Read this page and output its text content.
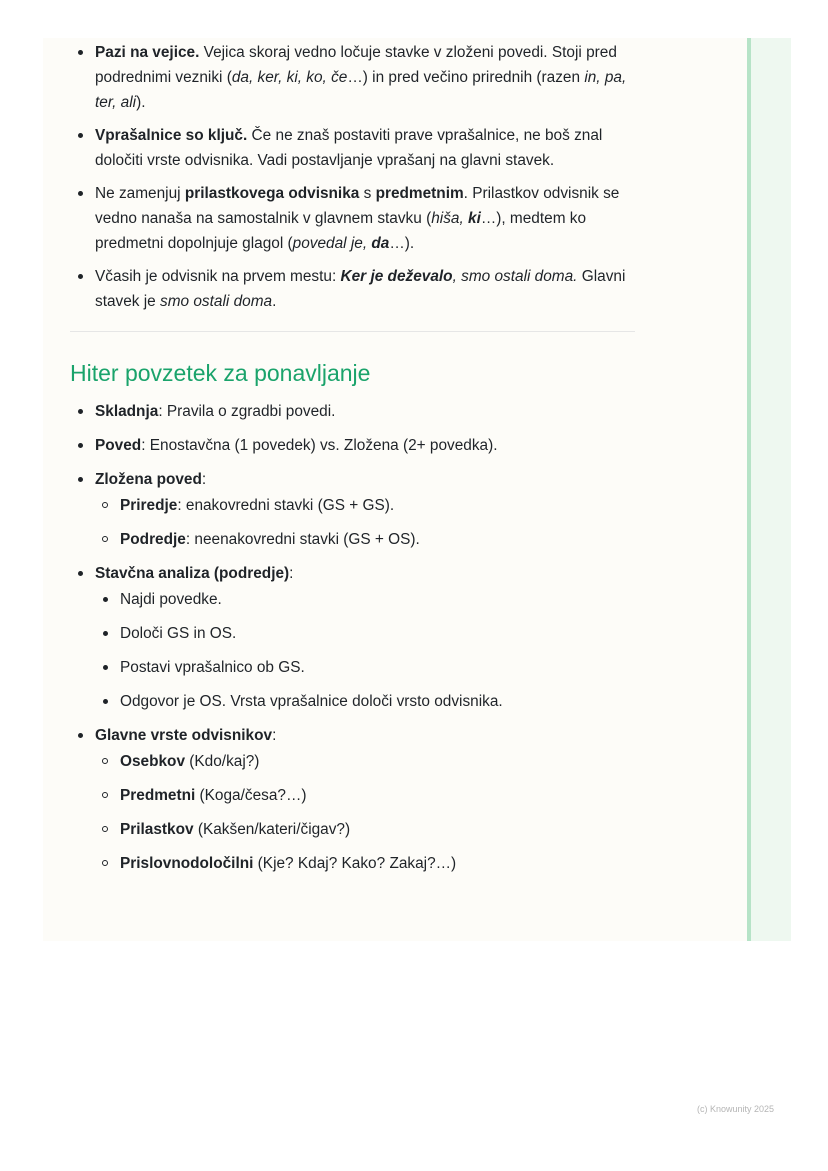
Pazi na vejice. Vejica skoraj vedno ločuje stavke v zloženi povedi. Stoji pred podrednimi vezniki (da, ker, ki, ko, če…) in pred večino prirednih (razen in, pa, ter, ali).
Vprašalnice so ključ. Če ne znaš postaviti prave vprašalnice, ne boš znal določiti vrste odvisnika. Vadi postavljanje vprašanj na glavni stavek.
Ne zamenjuj prilastkovega odvisnika s predmetnim. Prilastkov odvisnik se vedno nanaša na samostalnik v glavnem stavku (hiša, ki…), medtem ko predmetni dopolnjuje glagol (povedal je, da…).
Včasih je odvisnik na prvem mestu: Ker je deževalo, smo ostali doma. Glavni stavek je smo ostali doma.
Hiter povzetek za ponavljanje
Skladnja: Pravila o zgradbi povedi.
Poved: Enostavčna (1 povedek) vs. Zložena (2+ povedka).
Zložena poved:
Priredje: enakovredni stavki (GS + GS).
Podredje: neenakovredni stavki (GS + OS).
Stavčna analiza (podredje):
Najdi povedke.
Določi GS in OS.
Postavi vprašalnico ob GS.
Odgovor je OS. Vrsta vprašalnice določi vrsto odvisnika.
Glavne vrste odvisnikov:
Osebkov (Kdo/kaj?)
Predmetni (Koga/česa?…)
Prilastkov (Kakšen/kateri/čigav?)
Prislovnodoločilni (Kje? Kdaj? Kako? Zakaj?…)
(c) Knowunity 2025
